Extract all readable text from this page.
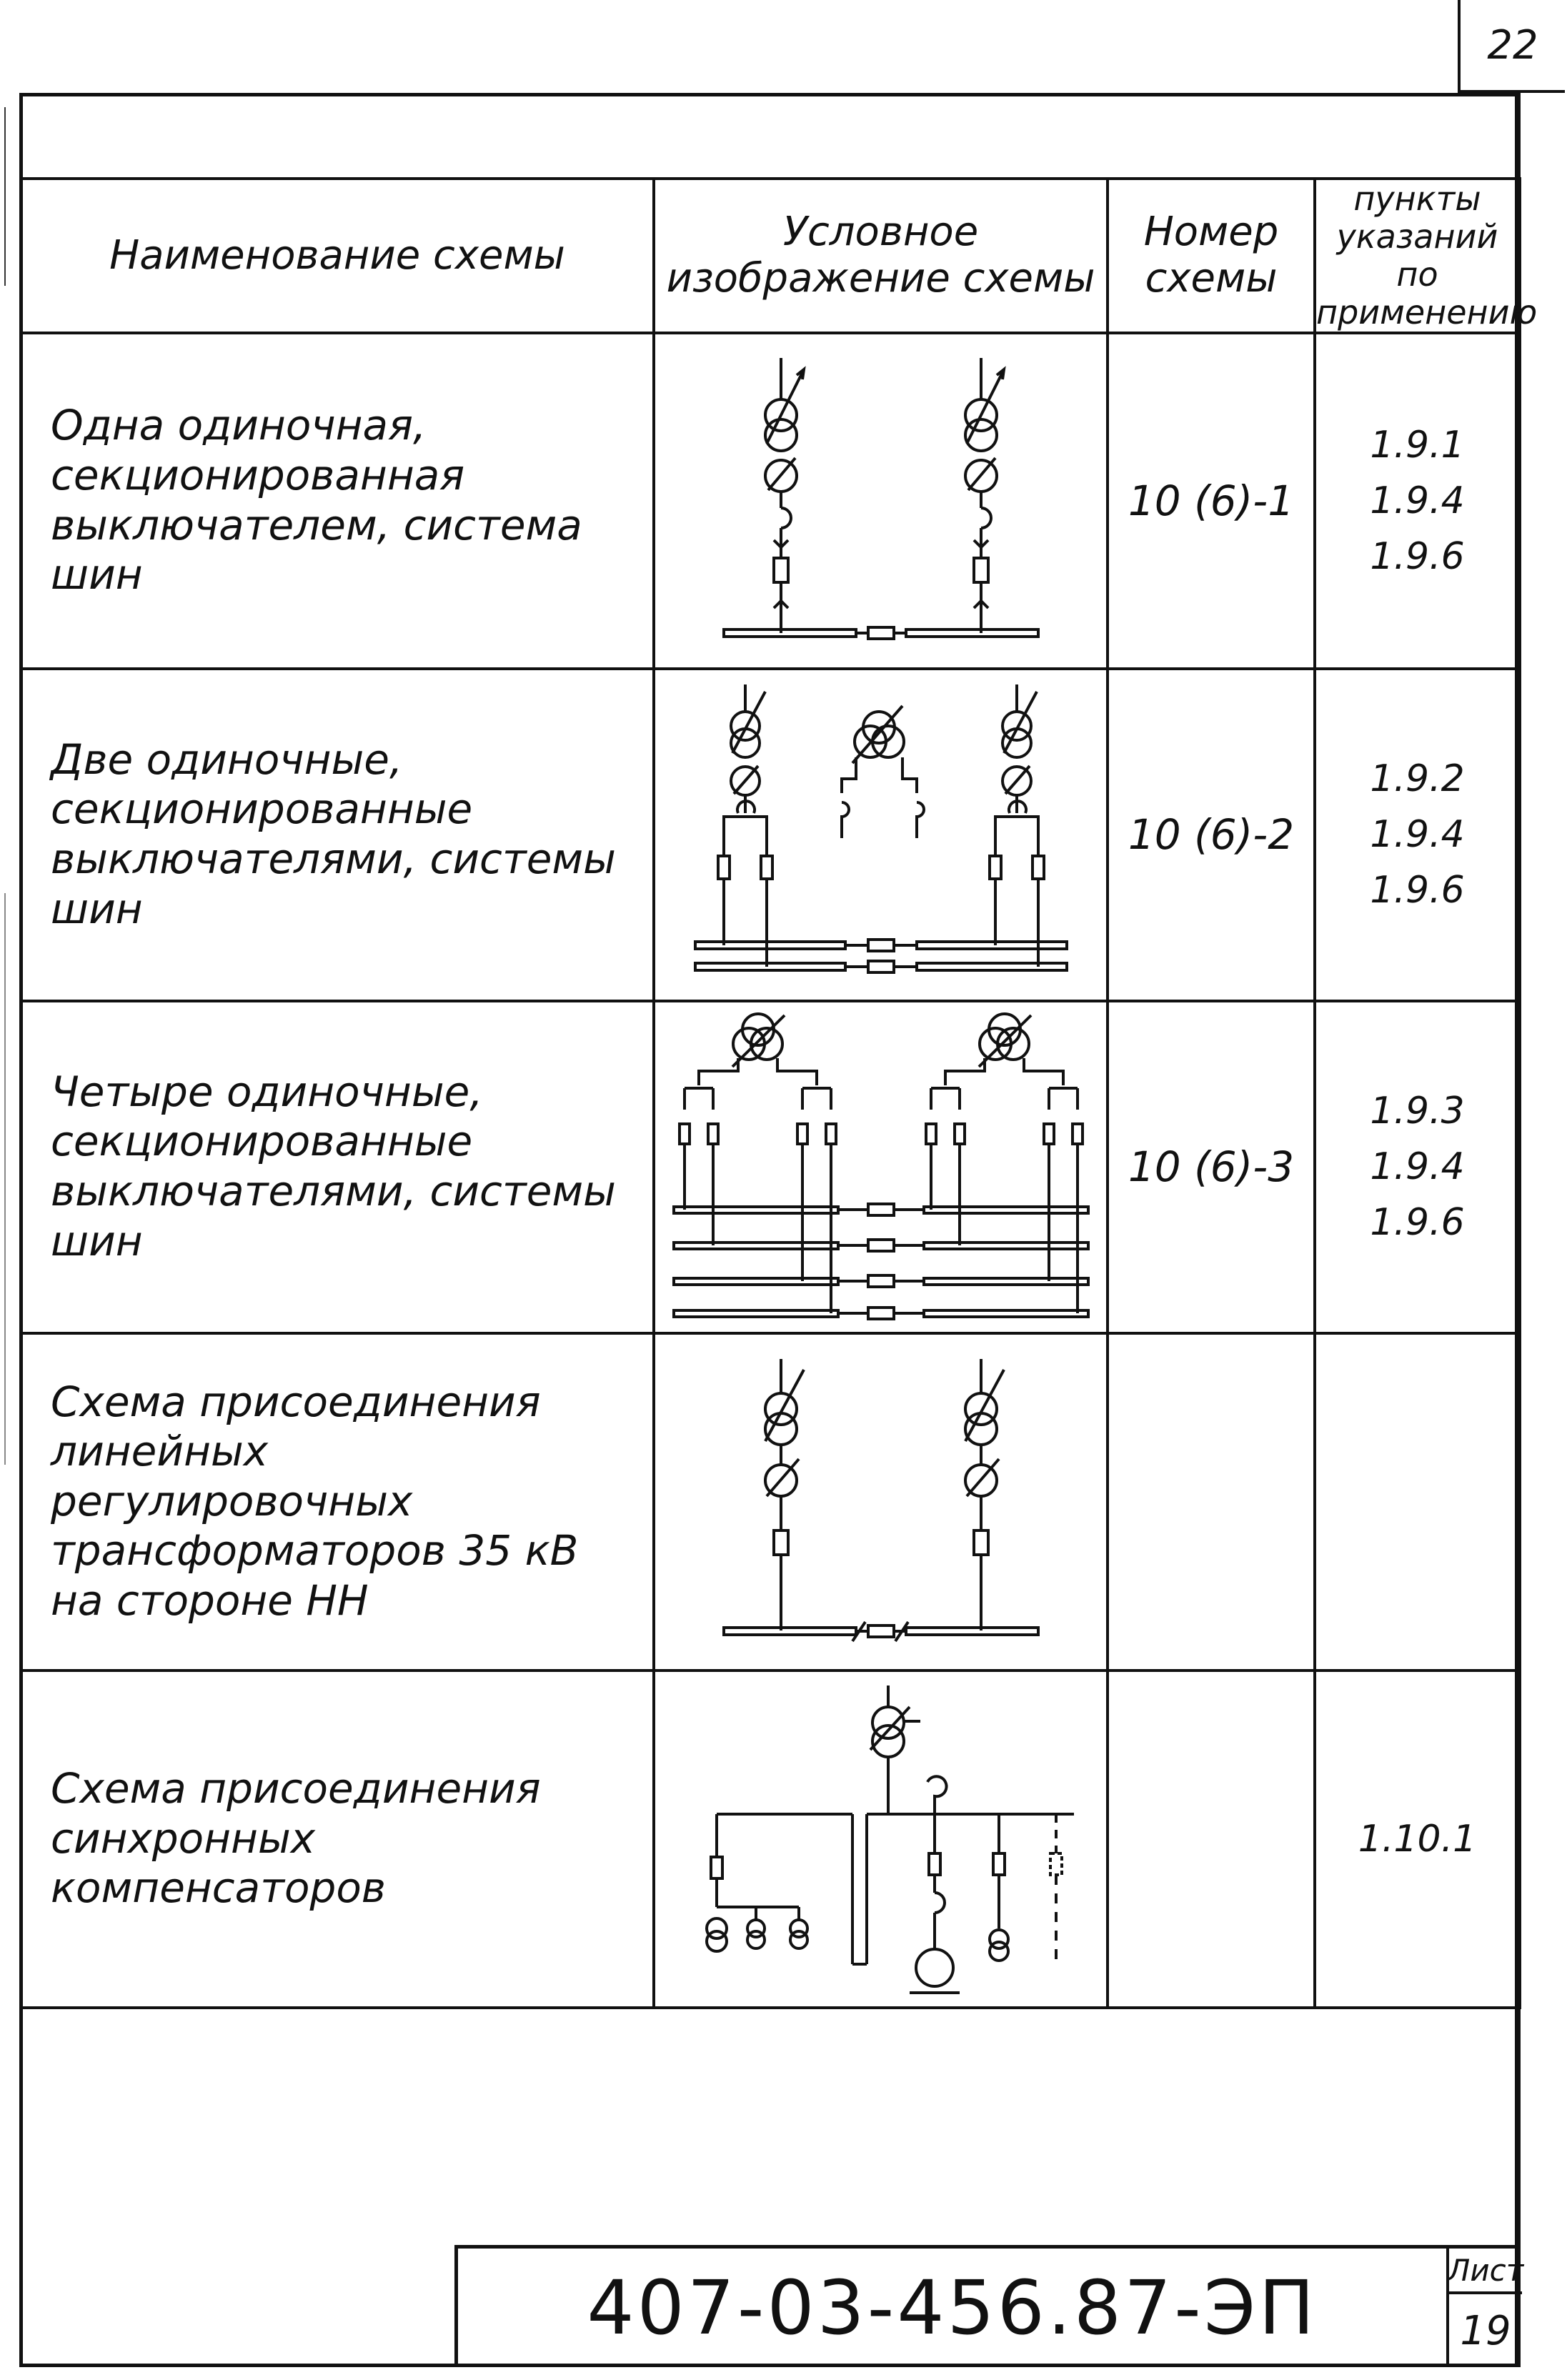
22
Наименование схемы	Условное изображение схемы	Номер схемы	пункты указаний по применению
Одна одиночная, секционированная выключателем, система шин		10 (6)-1	1.9.1
1.9.4
1.9.6

Две одиночные, секционированные выключателями, системы шин		10 (6)-2	1.9.2
1.9.4
1.9.6

Четыре одиночные, секционированные выключателями, системы шин		10 (6)-3	1.9.3
1.9.4
1.9.6

Схема присоединения линейных регулировочных трансформаторов 35 кВ на стороне НН	

Схема присоединения синхронных компенсаторов			1.10.1
407-03-456.87-ЭП	Лист
19
